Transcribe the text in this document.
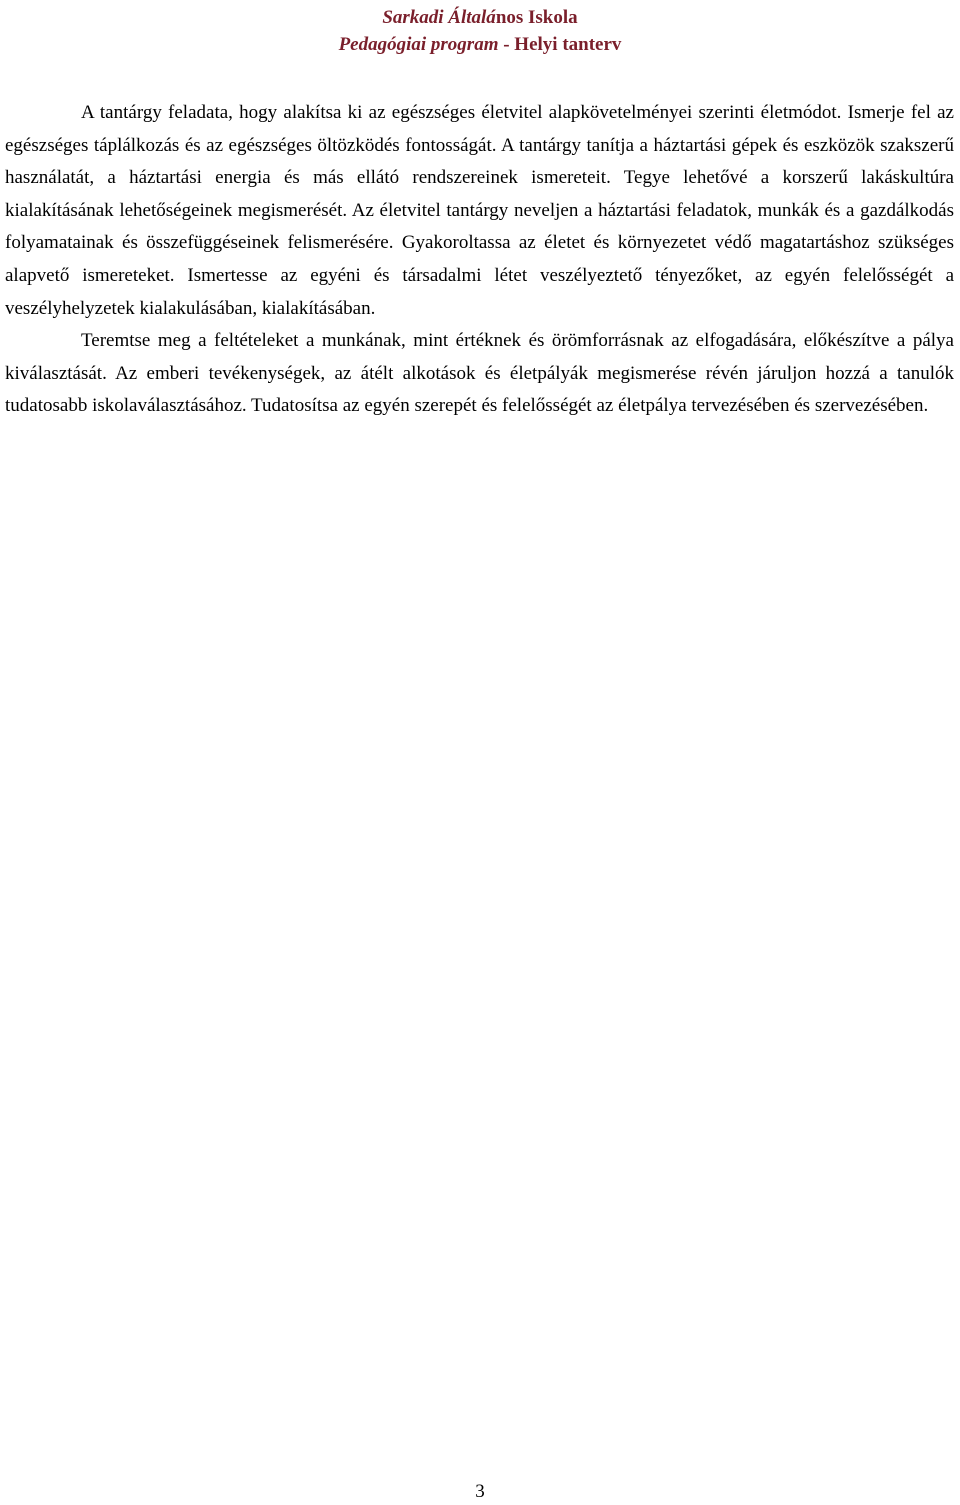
Sarkadi Általános Iskola
Pedagógiai program - Helyi tanterv

A tantárgy feladata, hogy alakítsa ki az egészséges életvitel alapkövetelményei szerinti életmódot. Ismerje fel az egészséges táplálkozás és az egészséges öltözködés fontosságát. A tantárgy tanítja a háztartási gépek és eszközök szakszerű használatát, a háztartási energia és más ellátó rendszereinek ismereteit. Tegye lehetővé a korszerű lakáskultúra kialakításának lehetőségeinek megismerését. Az életvitel tantárgy neveljen a háztartási feladatok, munkák és a gazdálkodás folyamatainak és összefüggéseinek felismerésére. Gyakoroltassa az életet és környezetet védő magatartáshoz szükséges alapvető ismereteket. Ismertesse az egyéni és társadalmi létet veszélyeztető tényezőket, az egyén felelősségét a veszélyhelyzetek kialakulásában, kialakításában.

Teremtse meg a feltételeket a munkának, mint értéknek és örömforrásnak az elfogadására, előkészítve a pálya kiválasztását. Az emberi tevékenységek, az átélt alkotások és életpályák megismerése révén járuljon hozzá a tanulók tudatosabb iskolaválasztásához. Tudatosítsa az egyén szerepét és felelősségét az életpálya tervezésében és szervezésében.

3
